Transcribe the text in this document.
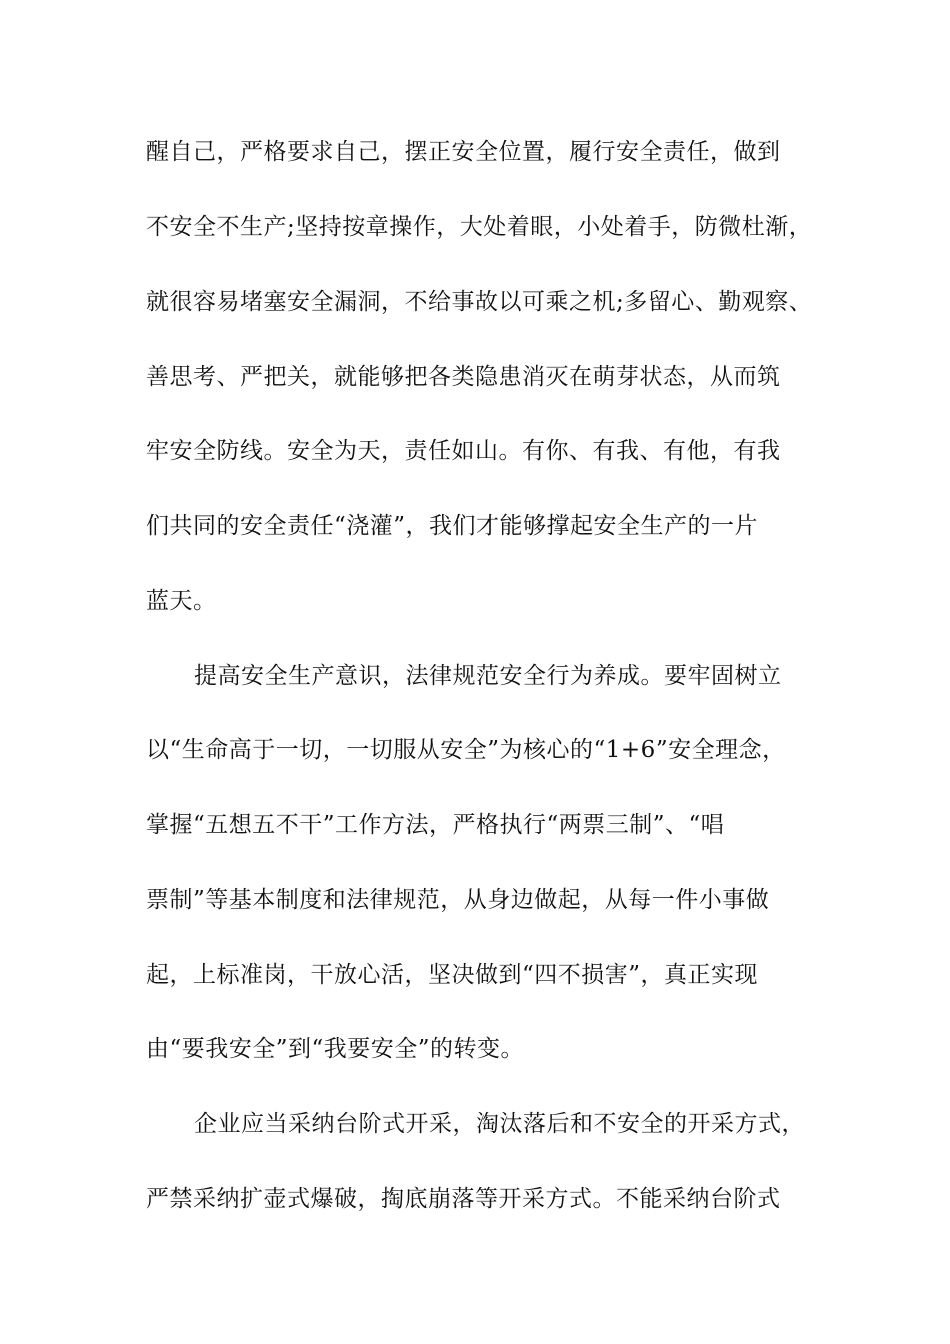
醒自己，严格要求自己，摆正安全位置，履行安全责任，做到
不安全不生产;坚持按章操作，大处着眼，小处着手，防微杜渐，
就很容易堵塞安全漏洞，不给事故以可乘之机;多留心、勤观察、
善思考、严把关，就能够把各类隐患消灭在萌芽状态，从而筑
牢安全防线。安全为天，责任如山。有你、有我、有他，有我
们共同的安全责任“浇灌”，我们才能够撑起安全生产的一片
蓝天。
提高安全生产意识，法律规范安全行为养成。要牢固树立
以“生命高于一切，一切服从安全”为核心的“1+6”安全理念，
掌握“五想五不干”工作方法，严格执行“两票三制”、“唱
票制”等基本制度和法律规范，从身边做起，从每一件小事做
起，上标准岗，干放心活，坚决做到“四不损害”，真正实现
由“要我安全”到“我要安全”的转变。
企业应当采纳台阶式开采，淘汰落后和不安全的开采方式，
严禁采纳扩壶式爆破，掏底崩落等开采方式。不能采纳台阶式
